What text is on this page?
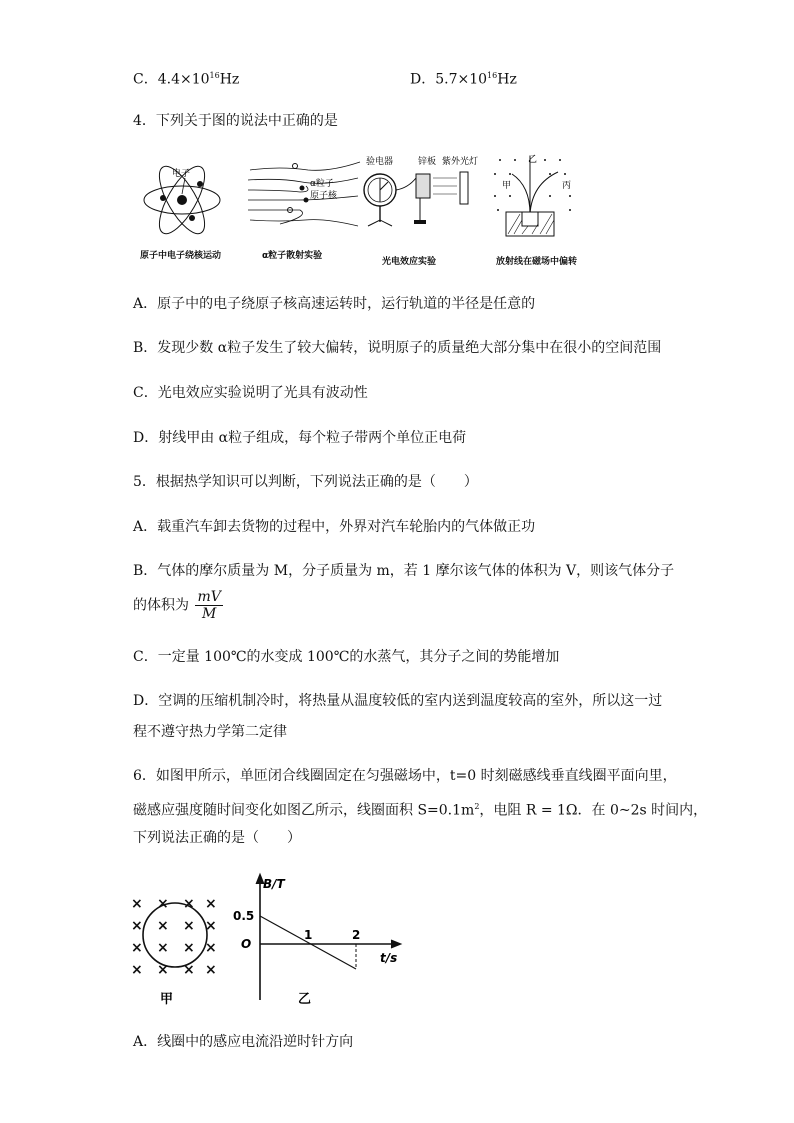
C．$4.4\times 10^{16}Hz$	D．$5.7\times 10^{16}Hz$
4．下列关于图的说法中正确的是
电子
α粒子
原子核
验电器	锌板 紫外光灯	乙
甲	丙
原子中电子绕核运动	α粒子散射实验
光电效应实验	放射线在磁场中偏转
A．原子中的电子绕原子核高速运转时，运行轨道的半径是任意的
B．发现少数 α粒子发生了较大偏转，说明原子的质量绝大部分集中在很小的空间范围
C．光电效应实验说明了光具有波动性
D．射线甲由 α粒子组成，每个粒子带两个单位正电荷
5．根据热学知识可以判断，下列说法正确的是（　　）
A．载重汽车卸去货物的过程中，外界对汽车轮胎内的气体做正功
B．气体的摩尔质量为 M，分子质量为 m，若 1 摩尔该气体的体积为 V，则该气体分子
的体积为 $\frac{mV}{M}$
C．一定量 100℃的水变成 100℃的水蒸气，其分子之间的势能增加
D．空调的压缩机制冷时，将热量从温度较低的室内送到温度较高的室外，所以这一过
程不遵守热力学第二定律
6．如图甲所示，单匝闭合线圈固定在匀强磁场中，t=0 时刻磁感线垂直线圈平面向里，
磁感应强度随时间变化如图乙所示，线圈面积 $S=0.1m^2$，电阻 R = 1Ω．在 0~2s 时间内，
下列说法正确的是（　　）
× × × ×
× × × ×
× × × ×
× × × ×
甲
B/T
t/s
O
0.5
1	2
乙
A．线圈中的感应电流沿逆时针方向
